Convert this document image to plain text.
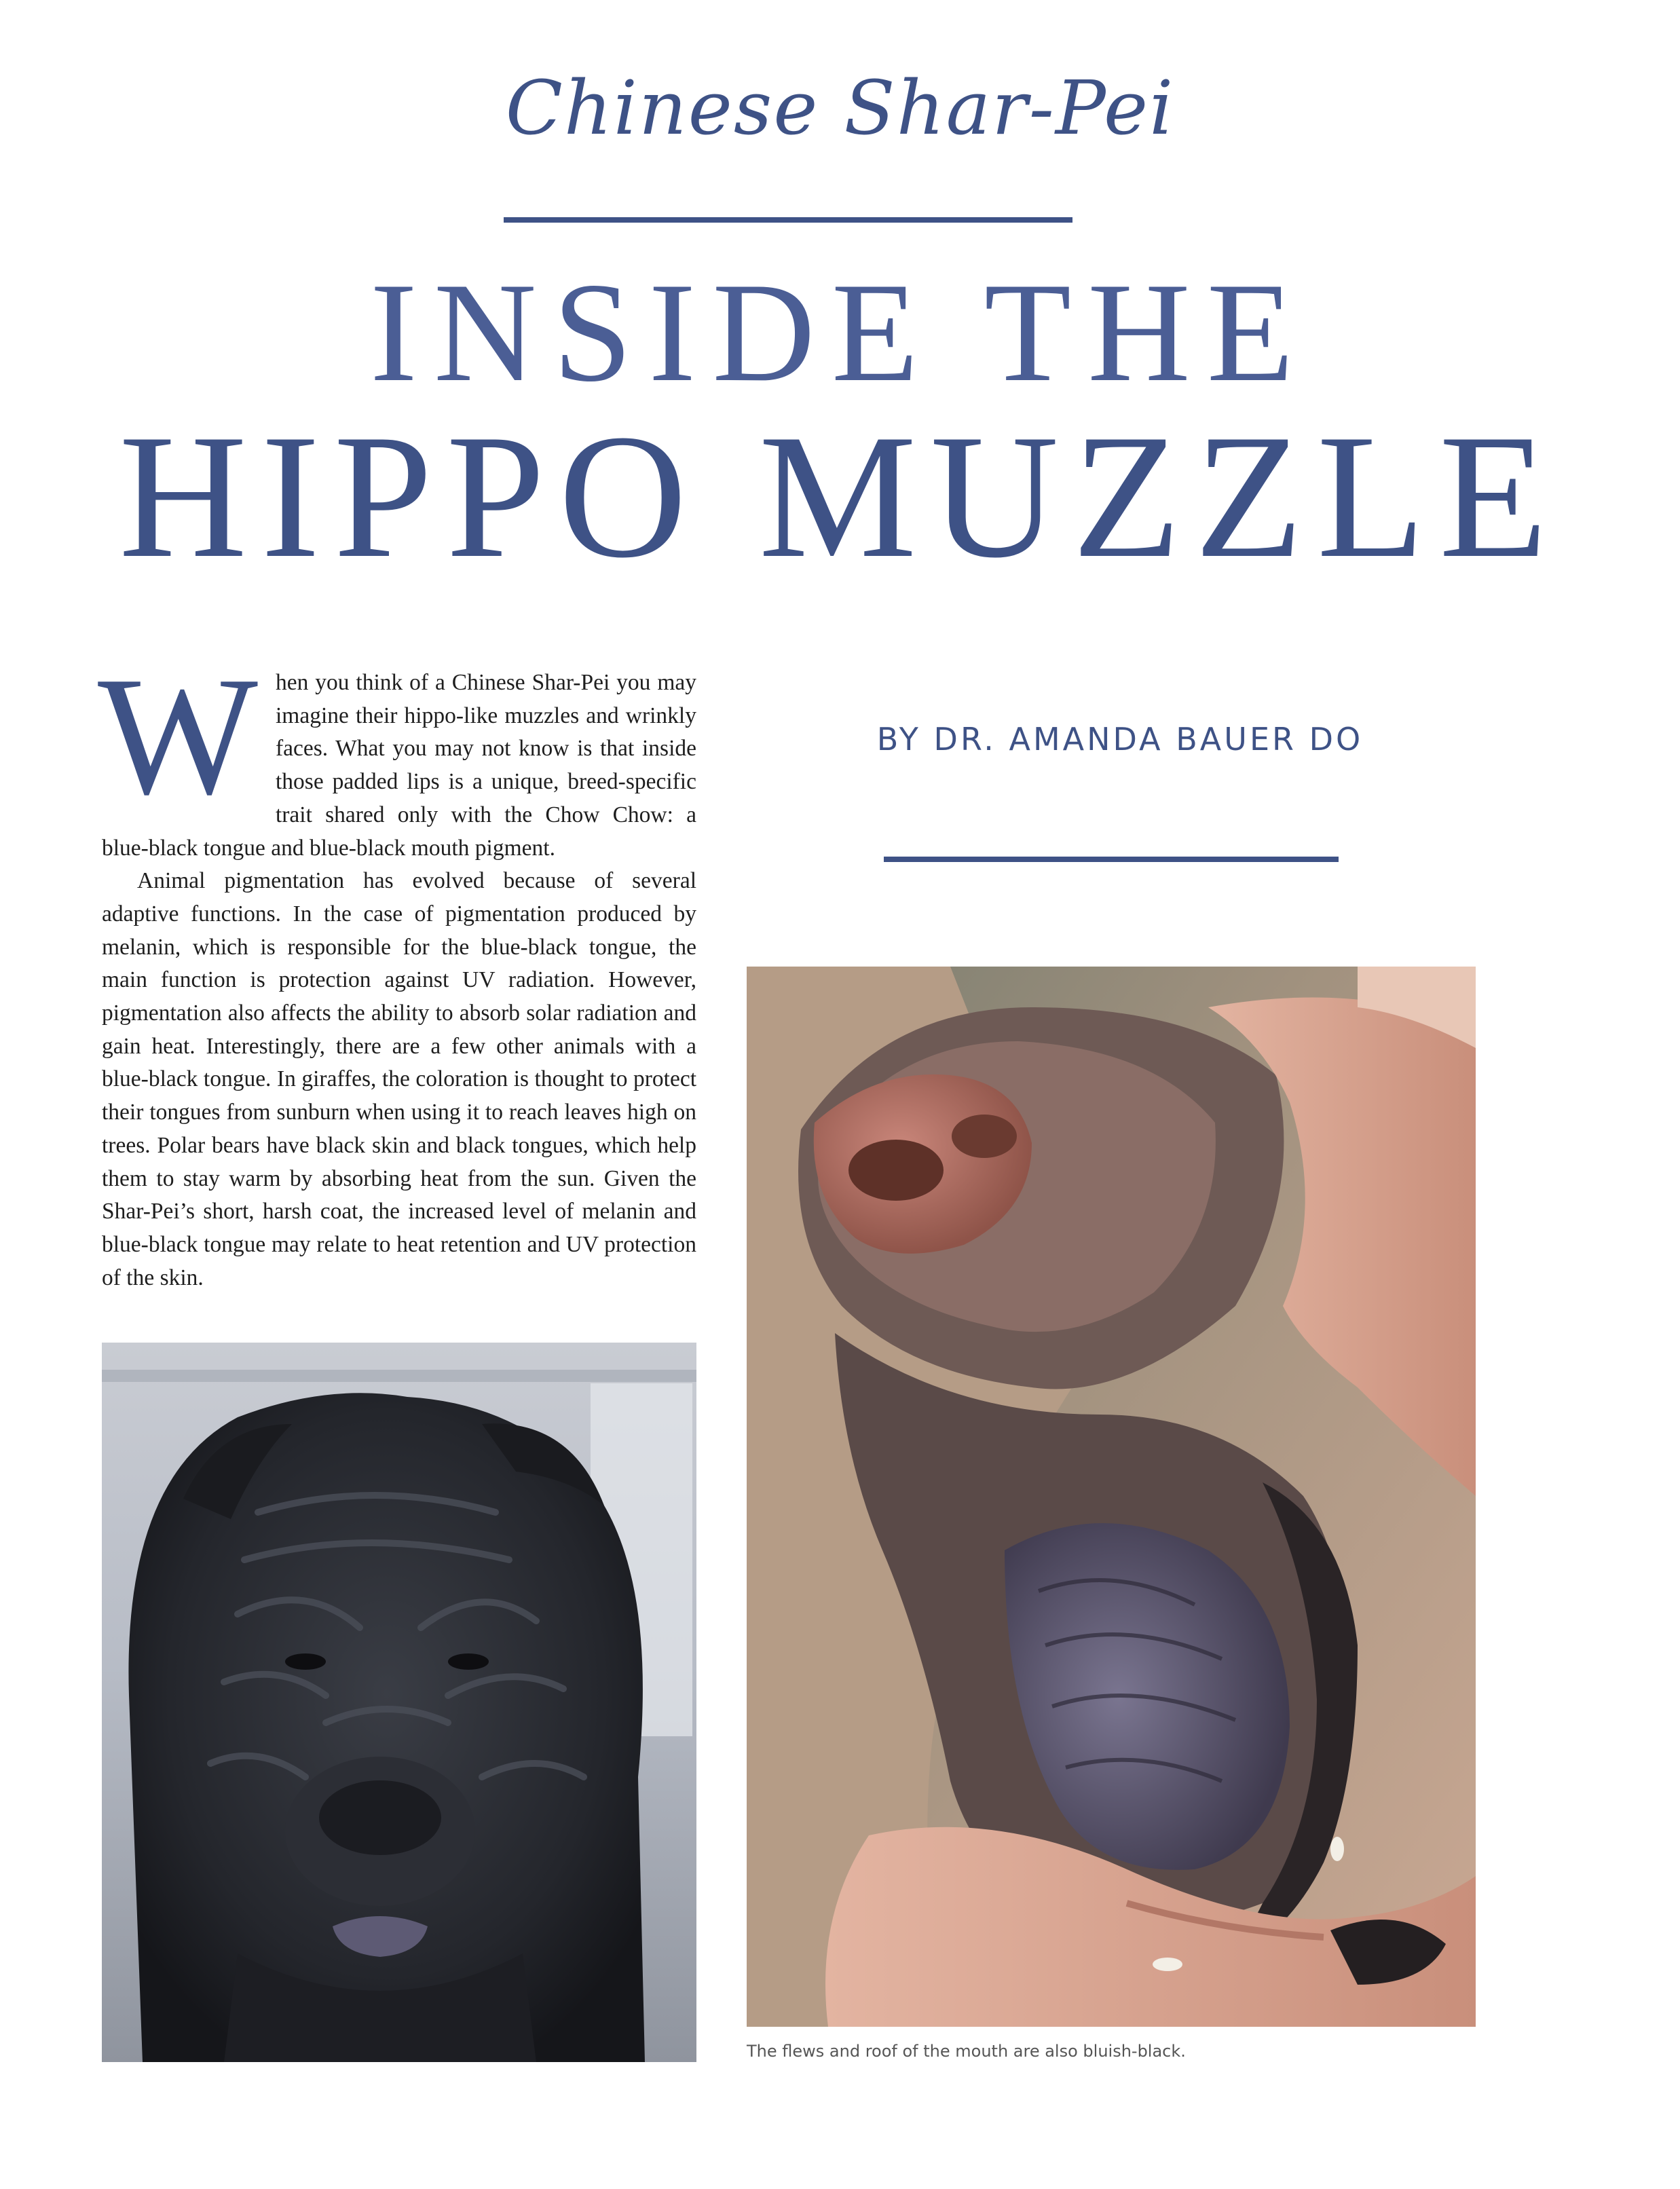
Chinese Shar-Pei
INSIDE THE
HIPPO MUZZLE

When you think of a Chinese Shar-Pei you may imagine their hippo-like muzzles and wrinkly faces. What you may not know is that inside those padded lips is a unique, breed-specific trait shared only with the Chow Chow: a blue-black tongue and blue-black mouth pigment.

Animal pigmentation has evolved because of several adaptive functions. In the case of pigmentation produced by melanin, which is responsible for the blue-black tongue, the main function is protection against UV radiation. However, pigmentation also affects the ability to absorb solar radiation and gain heat. Interestingly, there are a few other animals with a blue-black tongue. In giraffes, the coloration is thought to protect their tongues from sunburn when using it to reach leaves high on trees. Polar bears have black skin and black tongues, which help them to stay warm by absorbing heat from the sun. Given the Shar-Pei’s short, harsh coat, the increased level of melanin and blue-black tongue may relate to heat retention and UV protection of the skin.

BY DR. AMANDA BAUER DO
The flews and roof of the mouth are also bluish-black.
